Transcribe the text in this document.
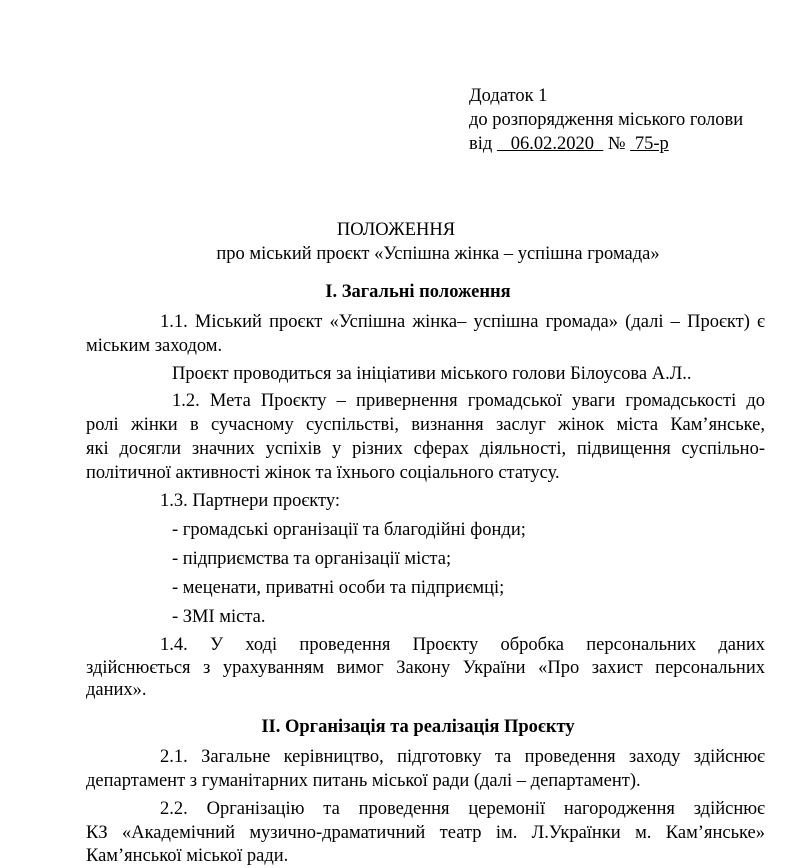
Додаток 1
до розпорядження міського голови
від    06.02.2020   №  75-р
ПОЛОЖЕННЯ
про міський проєкт «Успішна жінка – успішна громада»
І. Загальні положення
1.1. Міський проєкт «Успішна жінка– успішна громада» (далі – Проєкт) є
міським заходом.
Проєкт проводиться за ініціативи міського голови Білоусова А.Л..
1.2. Мета Проєкту – привернення громадської уваги громадськості до
ролі жінки в сучасному суспільстві, визнання заслуг жінок міста Кам’янське,
які досягли значних успіхів у різних сферах діяльності, підвищення суспільно-
політичної активності жінок та їхнього соціального статусу.
1.3. Партнери проєкту:
- громадські організації та благодійні фонди;
- підприємства та організації міста;
- меценати, приватні особи та підприємці;
- ЗМІ міста.
1.4. У ході проведення Проєкту обробка персональних даних
здійснюється з урахуванням вимог Закону України «Про захист персональних
даних».
ІІ. Організація та реалізація Проєкту
2.1. Загальне керівництво, підготовку та проведення заходу здійснює
департамент з гуманітарних питань міської ради (далі – департамент).
2.2. Організацію та проведення церемонії нагородження здійснює
КЗ «Академічний музично-драматичний театр ім. Л.Українки м. Кам’янське»
Кам’янської міської ради.
